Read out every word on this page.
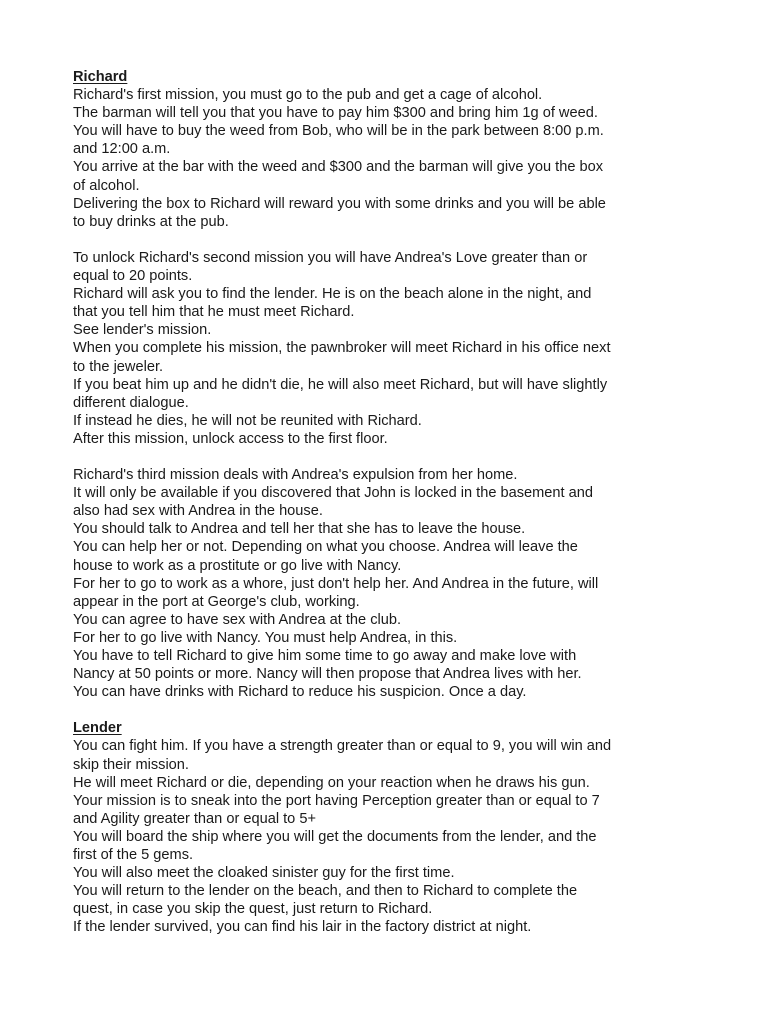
Richard
Richard's first mission, you must go to the pub and get a cage of alcohol.
The barman will tell you that you have to pay him $300 and bring him 1g of weed.
You will have to buy the weed from Bob, who will be in the park between 8:00 p.m.
and 12:00 a.m.
You arrive at the bar with the weed and $300 and the barman will give you the box
of alcohol.
Delivering the box to Richard will reward you with some drinks and you will be able
to buy drinks at the pub.
To unlock Richard's second mission you will have Andrea's Love greater than or
equal to 20 points.
Richard will ask you to find the lender. He is on the beach alone in the night, and
that you tell him that he must meet Richard.
See lender's mission.
When you complete his mission, the pawnbroker will meet Richard in his office next
to the jeweler.
If you beat him up and he didn't die, he will also meet Richard, but will have slightly
different dialogue.
If instead he dies, he will not be reunited with Richard.
After this mission, unlock access to the first floor.
Richard's third mission deals with Andrea's expulsion from her home.
It will only be available if you discovered that John is locked in the basement and
also had sex with Andrea in the house.
You should talk to Andrea and tell her that she has to leave the house.
You can help her or not. Depending on what you choose. Andrea will leave the
house to work as a prostitute or go live with Nancy.
For her to go to work as a whore, just don't help her. And Andrea in the future, will
appear in the port at George's club, working.
You can agree to have sex with Andrea at the club.
For her to go live with Nancy. You must help Andrea, in this.
You have to tell Richard to give him some time to go away and make love with
Nancy at 50 points or more. Nancy will then propose that Andrea lives with her.
You can have drinks with Richard to reduce his suspicion. Once a day.
Lender
You can fight him. If you have a strength greater than or equal to 9, you will win and
skip their mission.
He will meet Richard or die, depending on your reaction when he draws his gun.
Your mission is to sneak into the port having Perception greater than or equal to 7
and Agility greater than or equal to 5+
You will board the ship where you will get the documents from the lender, and the
first of the 5 gems.
You will also meet the cloaked sinister guy for the first time.
You will return to the lender on the beach, and then to Richard to complete the
quest, in case you skip the quest, just return to Richard.
If the lender survived, you can find his lair in the factory district at night.
